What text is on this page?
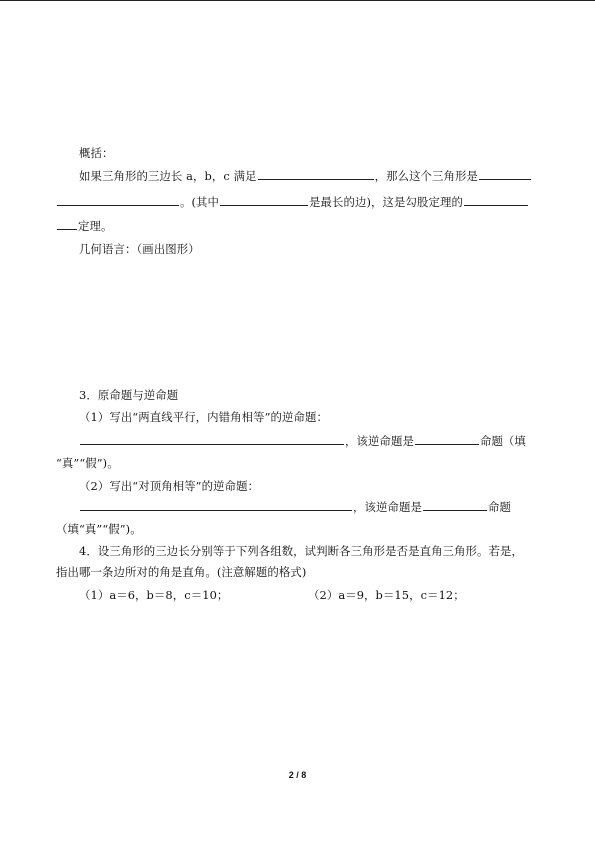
概括：
如果三角形的三边长 a，b，c 满足	，那么这个三角形是
。(其中	是最长的边)，这是勾股定理的
定理。
几何语言：（画出图形）
3．原命题与逆命题
（1）写出“两直线平行，内错角相等”的逆命题：
，该逆命题是	命题（填
“真”“假”)。
（2）写出“对顶角相等”的逆命题：
，该逆命题是	命题
（填“真”“假”)。
4．设三角形的三边长分别等于下列各组数，试判断各三角形是否是直角三角形。若是，
指出哪一条边所对的角是直角。(注意解题的格式)
（1）a＝6，b＝8，c＝10；	（2）a＝9，b＝15，c＝12；
2 / 8
